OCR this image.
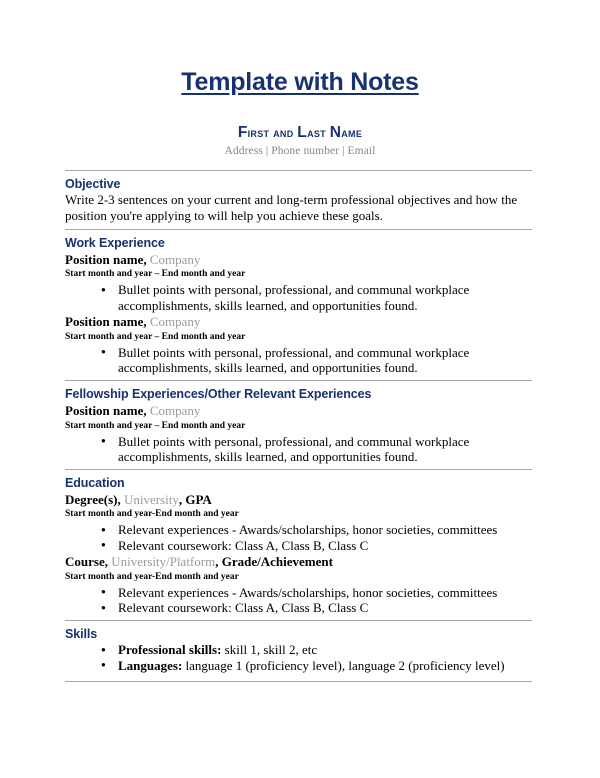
Template with Notes
First and Last Name
Address | Phone number | Email
Objective

Write 2-3 sentences on your current and long-term professional objectives and how the position you're applying to will help you achieve these goals.

Work Experience

Position name, Company

Start month and year – End month and year

● Bullet points with personal, professional, and communal workplace accomplishments, skills learned, and opportunities found.

Position name, Company

Start month and year – End month and year

● Bullet points with personal, professional, and communal workplace accomplishments, skills learned, and opportunities found.
Fellowship Experiences/Other Relevant Experiences

Position name, Company

Start month and year – End month and year

● Bullet points with personal, professional, and communal workplace accomplishments, skills learned, and opportunities found.
Education

Degree(s), University, GPA

Start month and year-End month and year

● Relevant experiences - Awards/scholarships, honor societies, committees
● Relevant coursework: Class A, Class B, Class C

Course, University/Platform, Grade/Achievement

Start month and year-End month and year

● Relevant experiences - Awards/scholarships, honor societies, committees
● Relevant coursework: Class A, Class B, Class C
Skills
● Professional skills: skill 1, skill 2, etc
● Languages: language 1 (proficiency level), language 2 (proficiency level)
